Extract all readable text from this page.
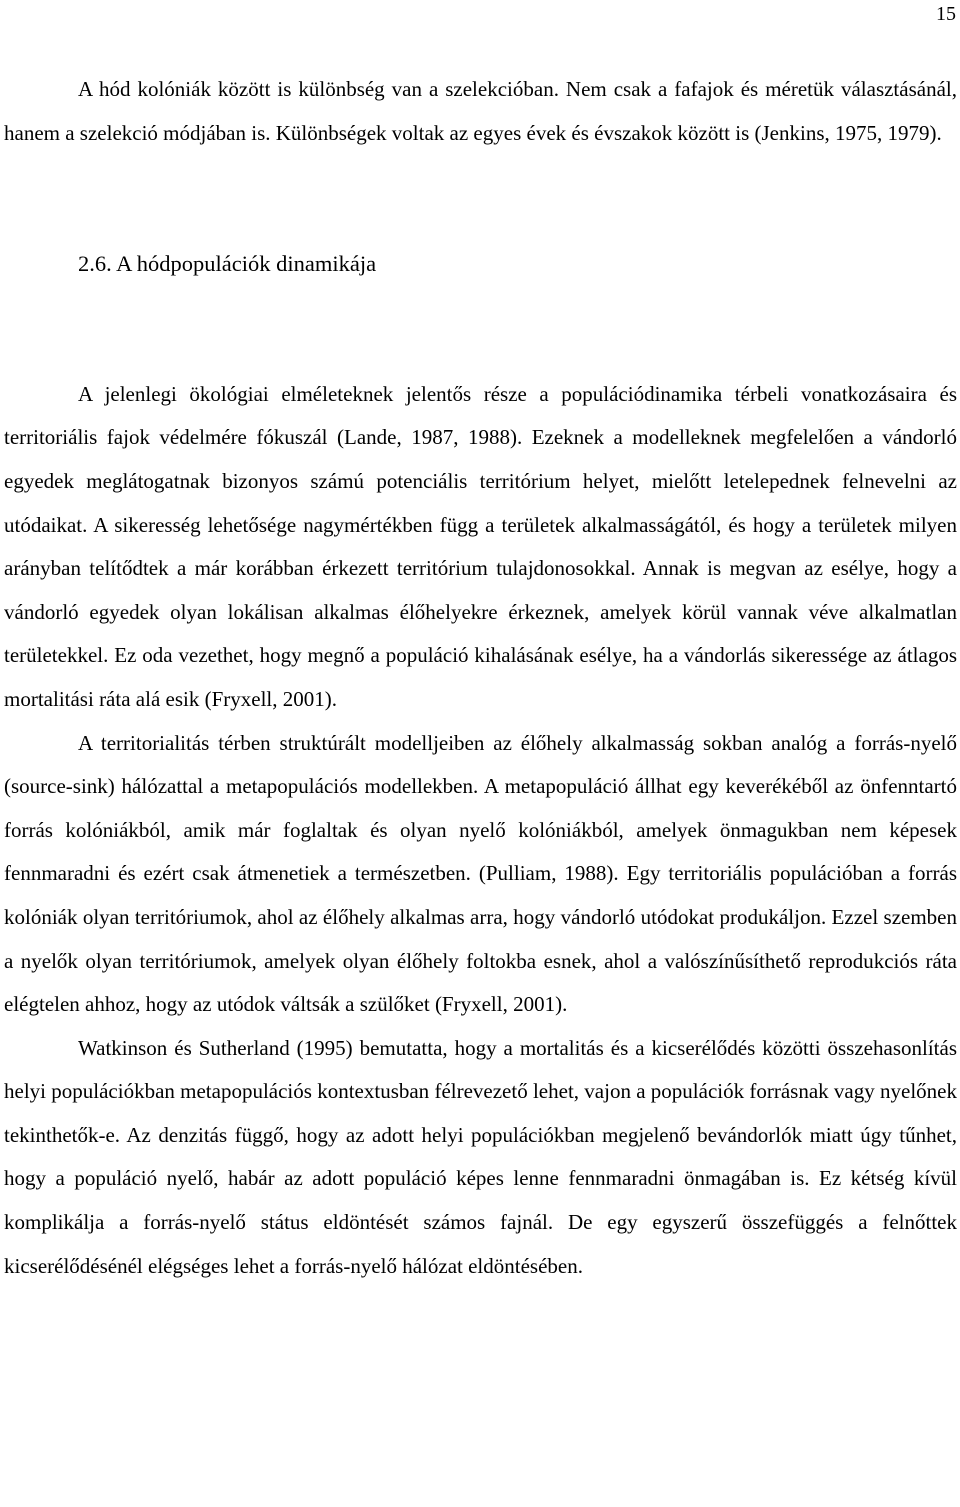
15

A hód kolóniák között is különbség van a szelekcióban. Nem csak a fafajok és méretük választásánál, hanem a szelekció módjában is. Különbségek voltak az egyes évek és évszakok között is (Jenkins, 1975, 1979).

2.6. A hódpopulációk dinamikája

A jelenlegi ökológiai elméleteknek jelentős része a populációdinamika térbeli vonatkozásaira és territoriális fajok védelmére fókuszál (Lande, 1987, 1988). Ezeknek a modelleknek megfelelően a vándorló egyedek meglátogatnak bizonyos számú potenciális territórium helyet, mielőtt letelepednek felnevelni az utódaikat. A sikeresség lehetősége nagymértékben függ a területek alkalmasságától, és hogy a területek milyen arányban telítődtek a már korábban érkezett territórium tulajdonosokkal. Annak is megvan az esélye, hogy a vándorló egyedek olyan lokálisan alkalmas élőhelyekre érkeznek, amelyek körül vannak véve alkalmatlan területekkel. Ez oda vezethet, hogy megnő a populáció kihalásának esélye, ha a vándorlás sikeressége az átlagos mortalitási ráta alá esik (Fryxell, 2001).

A territorialitás térben struktúrált modelljeiben az élőhely alkalmasság sokban analóg a forrás-nyelő (source-sink) hálózattal a metapopulációs modellekben. A metapopuláció állhat egy keverékéből az önfenntartó forrás kolóniákból, amik már foglaltak és olyan nyelő kolóniákból, amelyek önmagukban nem képesek fennmaradni és ezért csak átmenetiek a természetben. (Pulliam, 1988). Egy territoriális populációban a forrás kolóniák olyan territóriumok, ahol az élőhely alkalmas arra, hogy vándorló utódokat produkáljon. Ezzel szemben a nyelők olyan territóriumok, amelyek olyan élőhely foltokba esnek, ahol a valószínűsíthető reprodukciós ráta elégtelen ahhoz, hogy az utódok váltsák a szülőket (Fryxell, 2001).

Watkinson és Sutherland (1995) bemutatta, hogy a mortalitás és a kicserélődés közötti összehasonlítás helyi populációkban metapopulációs kontextusban félrevezető lehet, vajon a populációk forrásnak vagy nyelőnek tekinthetők-e. Az denzitás függő, hogy az adott helyi populációkban megjelenő bevándorlók miatt úgy tűnhet, hogy a populáció nyelő, habár az adott populáció képes lenne fennmaradni önmagában is. Ez kétség kívül komplikálja a forrás-nyelő státus eldöntését számos fajnál. De egy egyszerű összefüggés a felnőttek kicserélődésénél elégséges lehet a forrás-nyelő hálózat eldöntésében.
